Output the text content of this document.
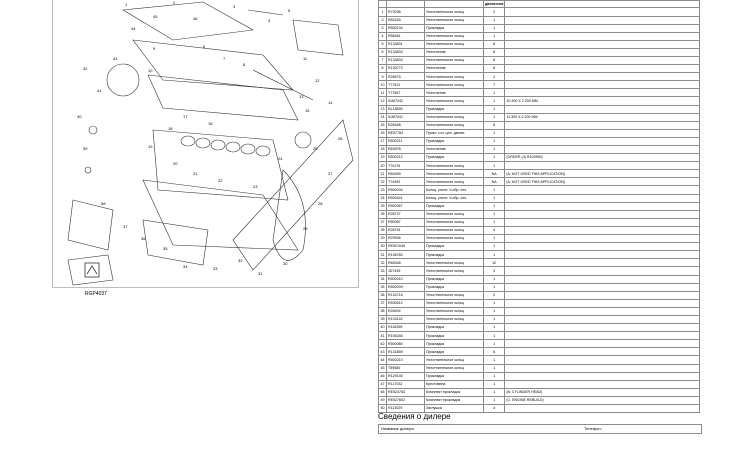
1	2
3
4
5
6
7
8
9
10
11
12
13
14
15
16
17
18
19
20
21
22
23
24
25
26
27
28
29
30
31
32
33
34
35
36
37
38
39
40
41
42
43
44
45	46
RGP4037
			двигателя	
1	R73298	Уплотнительное кольц	2	
2	R82183	Уплотнительное кольц	1	
3	R500134	Прокладка	1	
4	R56461	Уплотнительное кольц	1	
5	R133831	Уплотнительное кольц	6	
6	R133833	Уплотнение	6	
7	R133833	Уплотнительное кольц	6	
8	R130773	Уплотнение	6	
9	R26575	Уплотнительное кольц	3	
10	T77512	Уплотнительное кольц	7	
11	T77557	Уплотнение	1	
12	51M7042	Уплотнительное кольц	1	10.300 X 2.200 MM
13	RL18830	Прокладка	1	
14	51M7041	Уплотнительное кольц	1	11.300 X 2.200 MM
15	R26448	Уплотнительное кольц	6	
16	RE57784	Прокл. гол. цил. двигат.	1	
17	R500211	Прокладка	1	
18	R63978	Уплотнение	1	
19	R500212	Прокладка	1	(ORDER (4) R102559)
20	T70176	Уплотнительное кольц	1	
21	R83459	Уплотнительное кольц	NA	(A: NOT USED THIS APPLICATION)
22	T74492	Уплотнительное кольц	NA	(A: NOT USED THIS APPLICATION)
23	R500204	Кольц. уплот. V-обр. сеч.	1	
24	R500441	Кольц. уплот. V-обр. сеч.	1	
25	R500367	Прокладка	1	
26	R26737	Уплотнительное кольц	1	
27	R50087	Уплотнительное кольц	1	
28	R26761	Уплотнительное кольц	4	
29	R29936	Уплотнительное кольц	1	
30	RE521049	Прокладка	1	
31	R136783	Прокладка	1	
32	R65348	Уплотнительное кольц	12	
33	JD7439	Уплотнительное кольц	3	
34	R500210	Прокладка	1	
35	R500209	Прокладка	1	
36	R134716	Уплотнительное кольц	2	
37	R530512	Уплотнительное кольц	1	
38	R26404	Уплотнительное кольц	1	
39	R133142	Уплотнительное кольц	1	
40	R116395	Прокладка	1	
41	R106346	Прокладка	1	
42	R500080	Прокладка	1	
43	R131859	Прокладка	6	
44	R500210	Уплотнительное кольц	1	
45	T59580	Уплотнительное кольц	1	
46	R129145	Прокладка	1	
47	R117032	Крестовина	1	
48	RE524753	Комплект прокладок	1	(B: CYLINDER HEAD)
49	RE527602	Комплект прокладок	1	(C: ENGINE REBUILD)
50	R113029	Заглушка	4	
Сведения о дилере
Название дилера:	Телефон:
